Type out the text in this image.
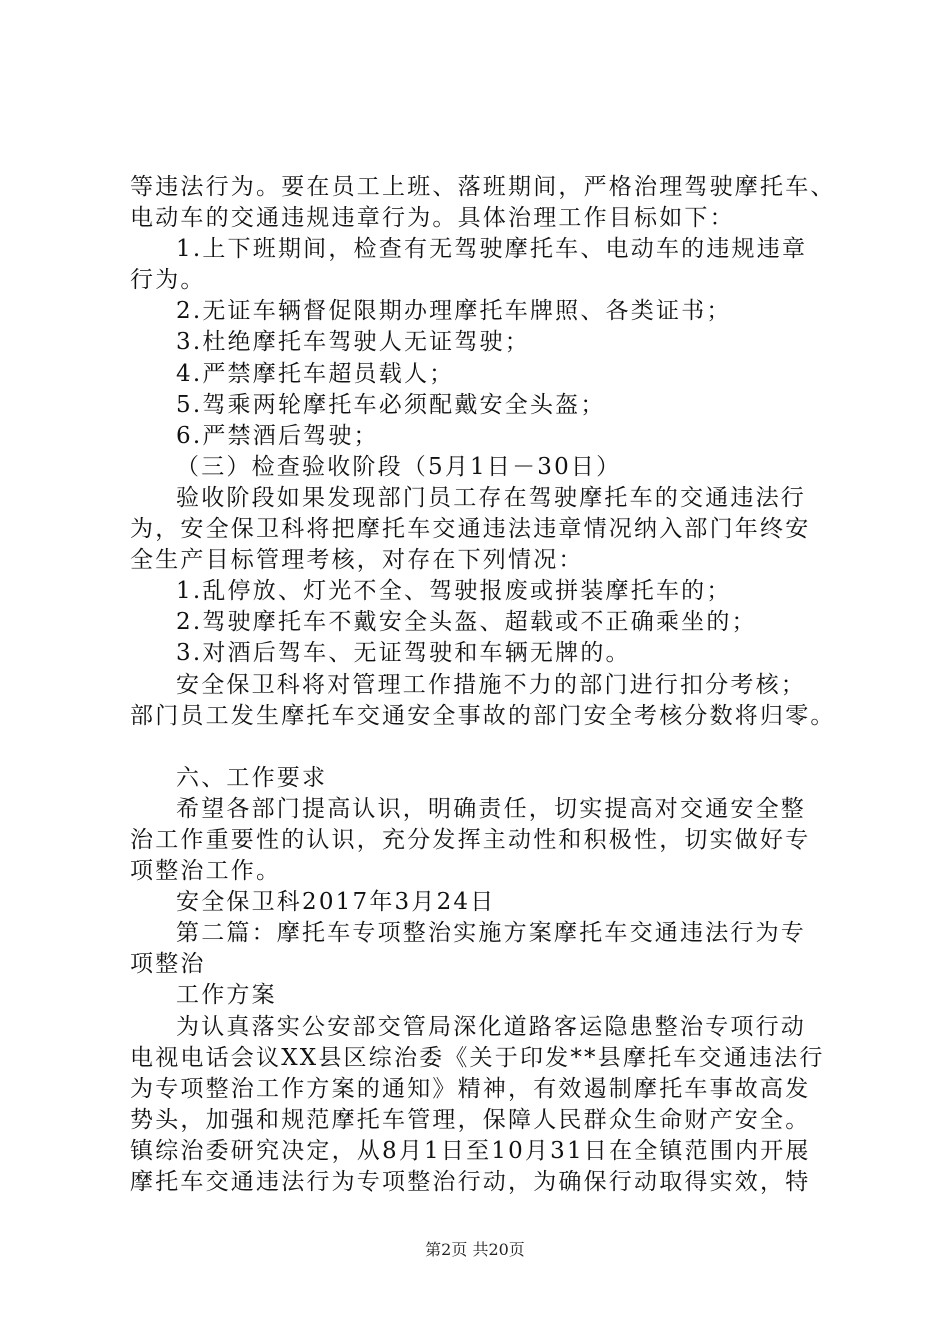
等违法行为。要在员工上班、落班期间，严格治理驾驶摩托车、
电动车的交通违规违章行为。具体治理工作目标如下：
1.上下班期间，检查有无驾驶摩托车、电动车的违规违章
行为。
2.无证车辆督促限期办理摩托车牌照、各类证书；
3.杜绝摩托车驾驶人无证驾驶；
4.严禁摩托车超员载人；
5.驾乘两轮摩托车必须配戴安全头盔；
6.严禁酒后驾驶；
（三）检查验收阶段（5月1日－30日）
验收阶段如果发现部门员工存在驾驶摩托车的交通违法行
为，安全保卫科将把摩托车交通违法违章情况纳入部门年终安
全生产目标管理考核，对存在下列情况：
1.乱停放、灯光不全、驾驶报废或拼装摩托车的；
2.驾驶摩托车不戴安全头盔、超载或不正确乘坐的；
3.对酒后驾车、无证驾驶和车辆无牌的。
安全保卫科将对管理工作措施不力的部门进行扣分考核；
部门员工发生摩托车交通安全事故的部门安全考核分数将归零。
六、工作要求
希望各部门提高认识，明确责任，切实提高对交通安全整
治工作重要性的认识，充分发挥主动性和积极性，切实做好专
项整治工作。
安全保卫科2017年3月24日
第二篇：摩托车专项整治实施方案摩托车交通违法行为专
项整治
工作方案
为认真落实公安部交管局深化道路客运隐患整治专项行动
电视电话会议XX县区综治委《关于印发**县摩托车交通违法行
为专项整治工作方案的通知》精神，有效遏制摩托车事故高发
势头，加强和规范摩托车管理，保障人民群众生命财产安全。
镇综治委研究决定，从8月1日至10月31日在全镇范围内开展
摩托车交通违法行为专项整治行动，为确保行动取得实效，特
第2页 共20页
